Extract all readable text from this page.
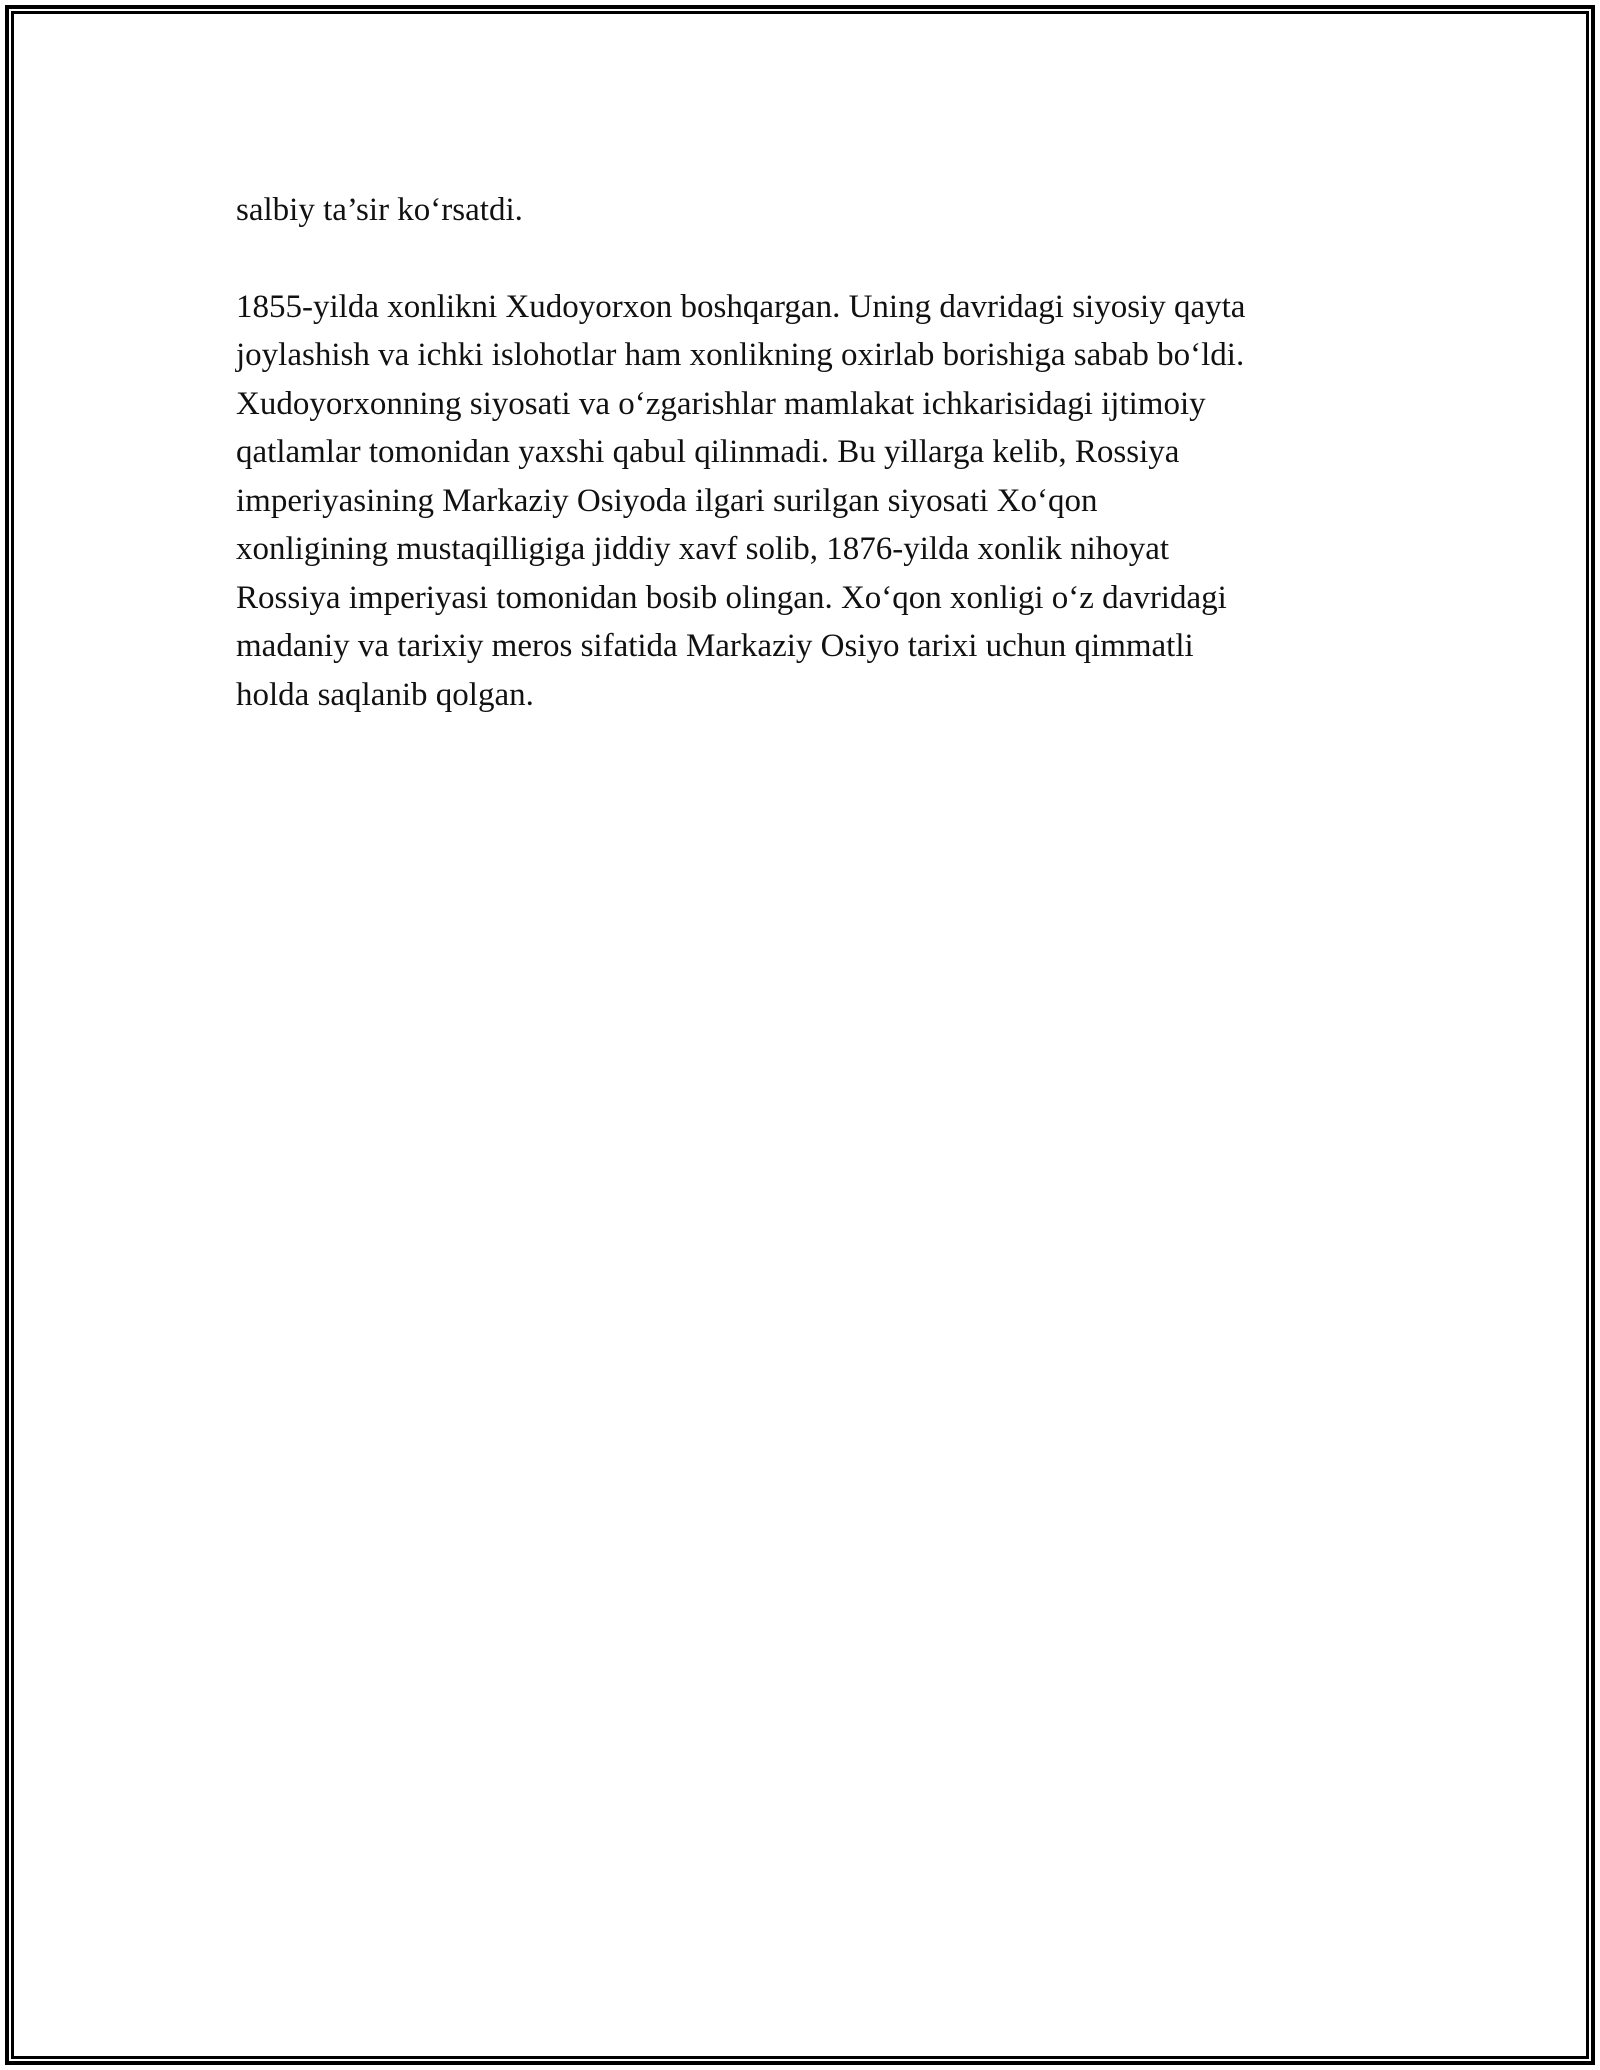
salbiy ta’sir ko‘rsatdi.

1855-yilda xonlikni Xudoyorxon boshqargan. Uning davridagi siyosiy qayta
joylashish va ichki islohotlar ham xonlikning oxirlab borishiga sabab bo‘ldi.
Xudoyorxonning siyosati va o‘zgarishlar mamlakat ichkarisidagi ijtimoiy
qatlamlar tomonidan yaxshi qabul qilinmadi. Bu yillarga kelib, Rossiya
imperiyasining Markaziy Osiyoda ilgari surilgan siyosati Xo‘qon
xonligining mustaqilligiga jiddiy xavf solib, 1876-yilda xonlik nihoyat
Rossiya imperiyasi tomonidan bosib olingan. Xo‘qon xonligi o‘z davridagi
madaniy va tarixiy meros sifatida Markaziy Osiyo tarixi uchun qimmatli
holda saqlanib qolgan.
